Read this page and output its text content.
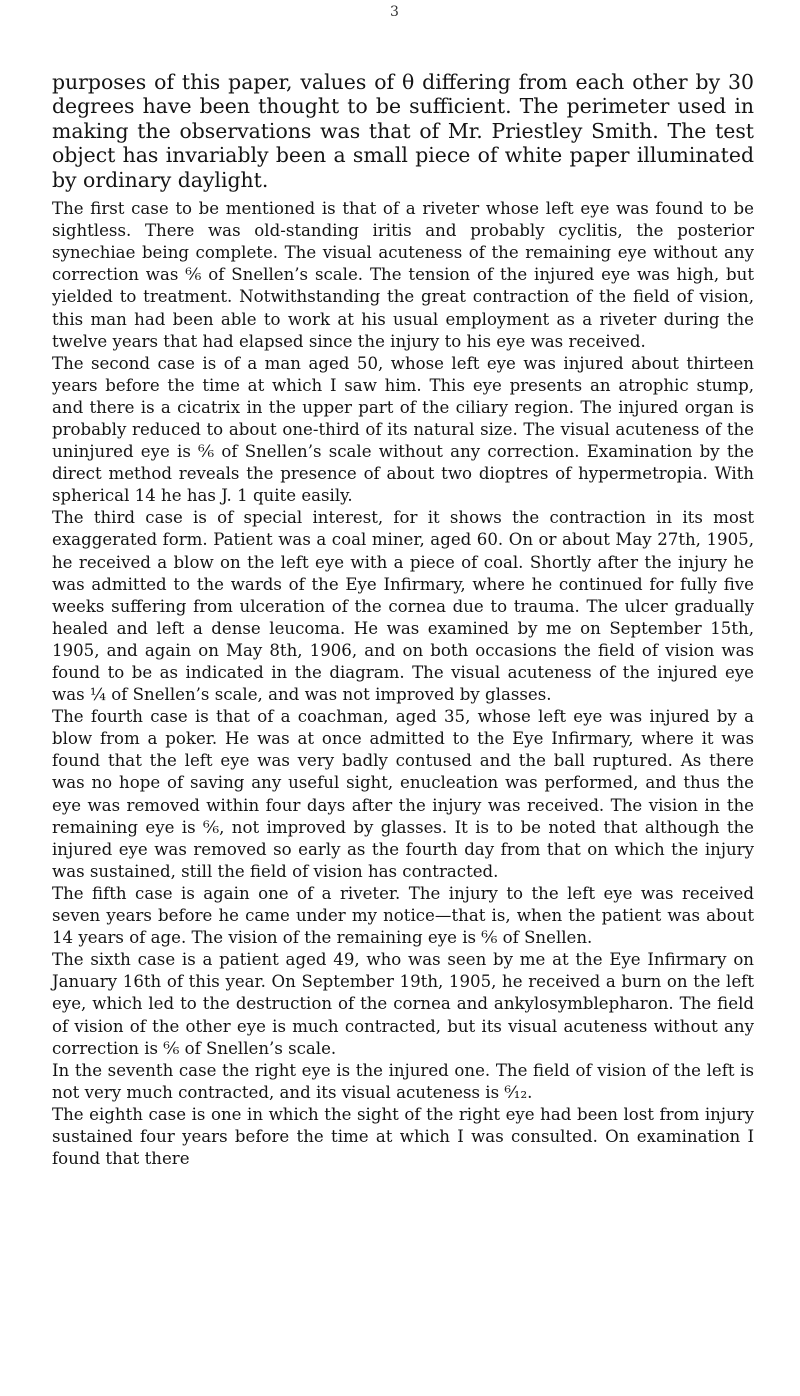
3

purposes of this paper, values of θ differing from each other by 30 degrees have been thought to be sufficient. The perimeter used in making the observations was that of Mr. Priestley Smith. The test object has invariably been a small piece of white paper illuminated by ordinary daylight.

The first case to be mentioned is that of a riveter whose left eye was found to be sightless. There was old-standing iritis and probably cyclitis, the posterior synechiae being complete. The visual acuteness of the remaining eye without any correction was ⁶⁄₆ of Snellen’s scale. The tension of the injured eye was high, but yielded to treatment. Notwithstanding the great contraction of the field of vision, this man had been able to work at his usual employment as a riveter during the twelve years that had elapsed since the injury to his eye was received.

The second case is of a man aged 50, whose left eye was injured about thirteen years before the time at which I saw him. This eye presents an atrophic stump, and there is a cicatrix in the upper part of the ciliary region. The injured organ is probably reduced to about one-third of its natural size. The visual acuteness of the uninjured eye is ⁶⁄₆ of Snellen’s scale without any correction. Examination by the direct method reveals the presence of about two dioptres of hypermetropia. With spherical 14 he has J. 1 quite easily.

The third case is of special interest, for it shows the contraction in its most exaggerated form. Patient was a coal miner, aged 60. On or about May 27th, 1905, he received a blow on the left eye with a piece of coal. Shortly after the injury he was admitted to the wards of the Eye Infirmary, where he continued for fully five weeks suffering from ulceration of the cornea due to trauma. The ulcer gradually healed and left a dense leucoma. He was examined by me on September 15th, 1905, and again on May 8th, 1906, and on both occasions the field of vision was found to be as indicated in the diagram. The visual acuteness of the injured eye was ¼ of Snellen’s scale, and was not improved by glasses.

The fourth case is that of a coachman, aged 35, whose left eye was injured by a blow from a poker. He was at once admitted to the Eye Infirmary, where it was found that the left eye was very badly contused and the ball ruptured. As there was no hope of saving any useful sight, enucleation was performed, and thus the eye was removed within four days after the injury was received. The vision in the remaining eye is ⁶⁄₆, not improved by glasses. It is to be noted that although the injured eye was removed so early as the fourth day from that on which the injury was sustained, still the field of vision has contracted.

The fifth case is again one of a riveter. The injury to the left eye was received seven years before he came under my notice—that is, when the patient was about 14 years of age. The vision of the remaining eye is ⁶⁄₆ of Snellen.

The sixth case is a patient aged 49, who was seen by me at the Eye Infirmary on January 16th of this year. On September 19th, 1905, he received a burn on the left eye, which led to the destruction of the cornea and ankylosymblepharon. The field of vision of the other eye is much contracted, but its visual acuteness without any correction is ⁶⁄₆ of Snellen’s scale.

In the seventh case the right eye is the injured one. The field of vision of the left is not very much contracted, and its visual acuteness is ⁶⁄₁₂.

The eighth case is one in which the sight of the right eye had been lost from injury sustained four years before the time at which I was consulted. On examination I found that there
